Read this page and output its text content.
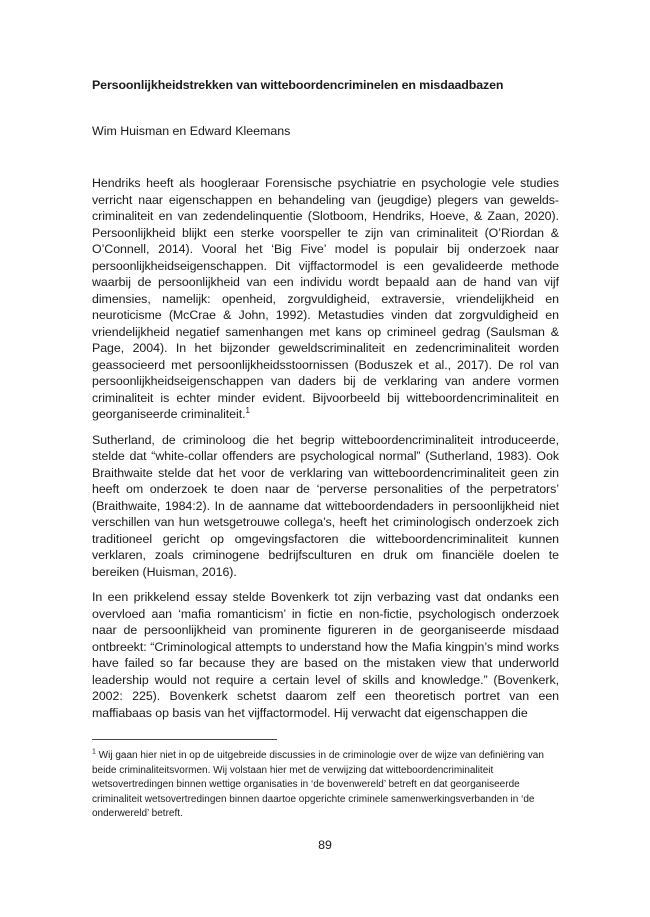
Persoonlijkheidstrekken van witteboordencriminelen en misdaadbazen
Wim Huisman en Edward Kleemans

Hendriks heeft als hoogleraar Forensische psychiatrie en psychologie vele studies verricht naar eigenschappen en behandeling van (jeugdige) plegers van gewelds-criminaliteit en van zedendelinquentie (Slotboom, Hendriks, Hoeve, & Zaan, 2020). Persoonlijkheid blijkt een sterke voorspeller te zijn van criminaliteit (O’Riordan & O’Connell, 2014). Vooral het ‘Big Five’ model is populair bij onderzoek naar persoonlijkheidseigenschappen. Dit vijffactormodel is een gevalideerde methode waarbij de persoonlijkheid van een individu wordt bepaald aan de hand van vijf dimensies, namelijk: openheid, zorgvuldigheid, extraversie, vriendelijkheid en neuroticisme (McCrae & John, 1992). Metastudies vinden dat zorgvuldigheid en vriendelijkheid negatief samenhangen met kans op crimineel gedrag (Saulsman & Page, 2004). In het bijzonder geweldscriminaliteit en zedencriminaliteit worden geassocieerd met persoonlijkheidsstoornissen (Boduszek et al., 2017). De rol van persoonlijkheidseigenschappen van daders bij de verklaring van andere vormen criminaliteit is echter minder evident. Bijvoorbeeld bij witteboordencriminaliteit en georganiseerde criminaliteit.$^1$

Sutherland, de criminoloog die het begrip witteboordencriminaliteit introduceerde, stelde dat “white-collar offenders are psychological normal” (Sutherland, 1983). Ook Braithwaite stelde dat het voor de verklaring van witteboordencriminaliteit geen zin heeft om onderzoek te doen naar de ‘perverse personalities of the perpetrators’ (Braithwaite, 1984:2). In de aanname dat witteboordendaders in persoonlijkheid niet verschillen van hun wetsgetrouwe collega’s, heeft het criminologisch onderzoek zich traditioneel gericht op omgevingsfactoren die witteboordencriminaliteit kunnen verklaren, zoals criminogene bedrijfsculturen en druk om financiële doelen te bereiken (Huisman, 2016).

In een prikkelend essay stelde Bovenkerk tot zijn verbazing vast dat ondanks een overvloed aan ‘mafia romanticism’ in fictie en non-fictie, psychologisch onderzoek naar de persoonlijkheid van prominente figureren in de georganiseerde misdaad ontbreekt: “Criminological attempts to understand how the Mafia kingpin’s mind works have failed so far because they are based on the mistaken view that underworld leadership would not require a certain level of skills and knowledge.” (Bovenkerk, 2002: 225). Bovenkerk schetst daarom zelf een theoretisch portret van een maffiabaas op basis van het vijffactormodel. Hij verwacht dat eigenschappen die

$^1$ Wij gaan hier niet in op de uitgebreide discussies in de criminologie over de wijze van definiëring van beide criminaliteitsvormen. Wij volstaan hier met de verwijzing dat witteboordencriminaliteit wetsovertredingen binnen wettige organisaties in ‘de bovenwereld’ betreft en dat georganiseerde criminaliteit wetsovertredingen binnen daartoe opgerichte criminele samenwerkingsverbanden in ‘de onderwereld’ betreft.
89
